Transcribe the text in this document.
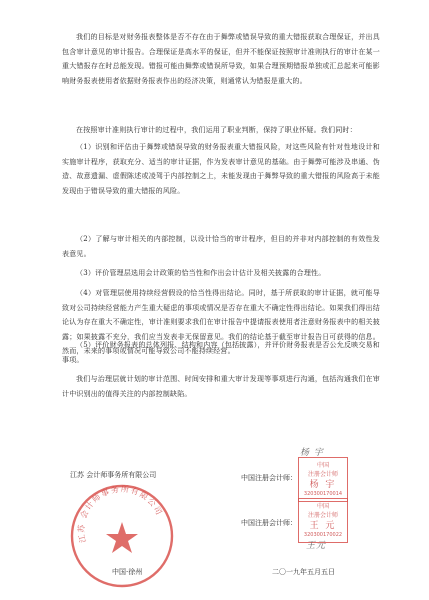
我们的目标是对财务报表整体是否不存在由于舞弊或错误导致的重大错报获取合理保证，并出具包含审计意见的审计报告。合理保证是高水平的保证，但并不能保证按照审计准则执行的审计在某一重大错报存在时总能发现。错报可能由舞弊或错误所导致，如果合理预期错报单独或汇总起来可能影响财务报表使用者依据财务报表作出的经济决策，则通常认为错报是重大的。

在按照审计准则执行审计的过程中，我们运用了职业判断，保持了职业怀疑。我们同时：

（1）识别和评估由于舞弊或错误导致的财务报表重大错报风险，对这些风险有针对性地设计和实施审计程序，获取充分、适当的审计证据，作为发表审计意见的基础。由于舞弊可能涉及串通、伪造、故意遗漏、虚假陈述或凌驾于内部控制之上，未能发现由于舞弊导致的重大错报的风险高于未能发现由于错误导致的重大错报的风险。

（2）了解与审计相关的内部控制，以设计恰当的审计程序，但目的并非对内部控制的有效性发表意见。

（3）评价管理层选用会计政策的恰当性和作出会计估计及相关披露的合理性。

（4）对管理层使用持续经营假设的恰当性得出结论。同时，基于所获取的审计证据，就可能导致对公司持续经营能力产生重大疑虑的事项或情况是否存在重大不确定性得出结论。如果我们得出结论认为存在重大不确定性，审计准则要求我们在审计报告中提请报表使用者注意财务报表中的相关披露；如果披露不充分，我们应当发表非无保留意见。我们的结论基于截至审计报告日可获得的信息。然而，未来的事项或情况可能导致公司不能持续经营。

（5）评价财务报表的总体列报、结构和内容（包括披露），并评价财务报表是否公允反映交易和事项。

我们与治理层就计划的审计范围、时间安排和重大审计发现等事项进行沟通，包括沟通我们在审计中识别出的值得关注的内部控制缺陷。

江苏 会计师事务所有限公司
江苏 会计师事务所有限公司	中国注册会计师：
中国
注册会计师
杨 宇
320300170014
杨 宇
中国注册会计师：
中国
注册会计师
王 元
320300170022
王元
中国·徐州	二〇一九年五月五日
